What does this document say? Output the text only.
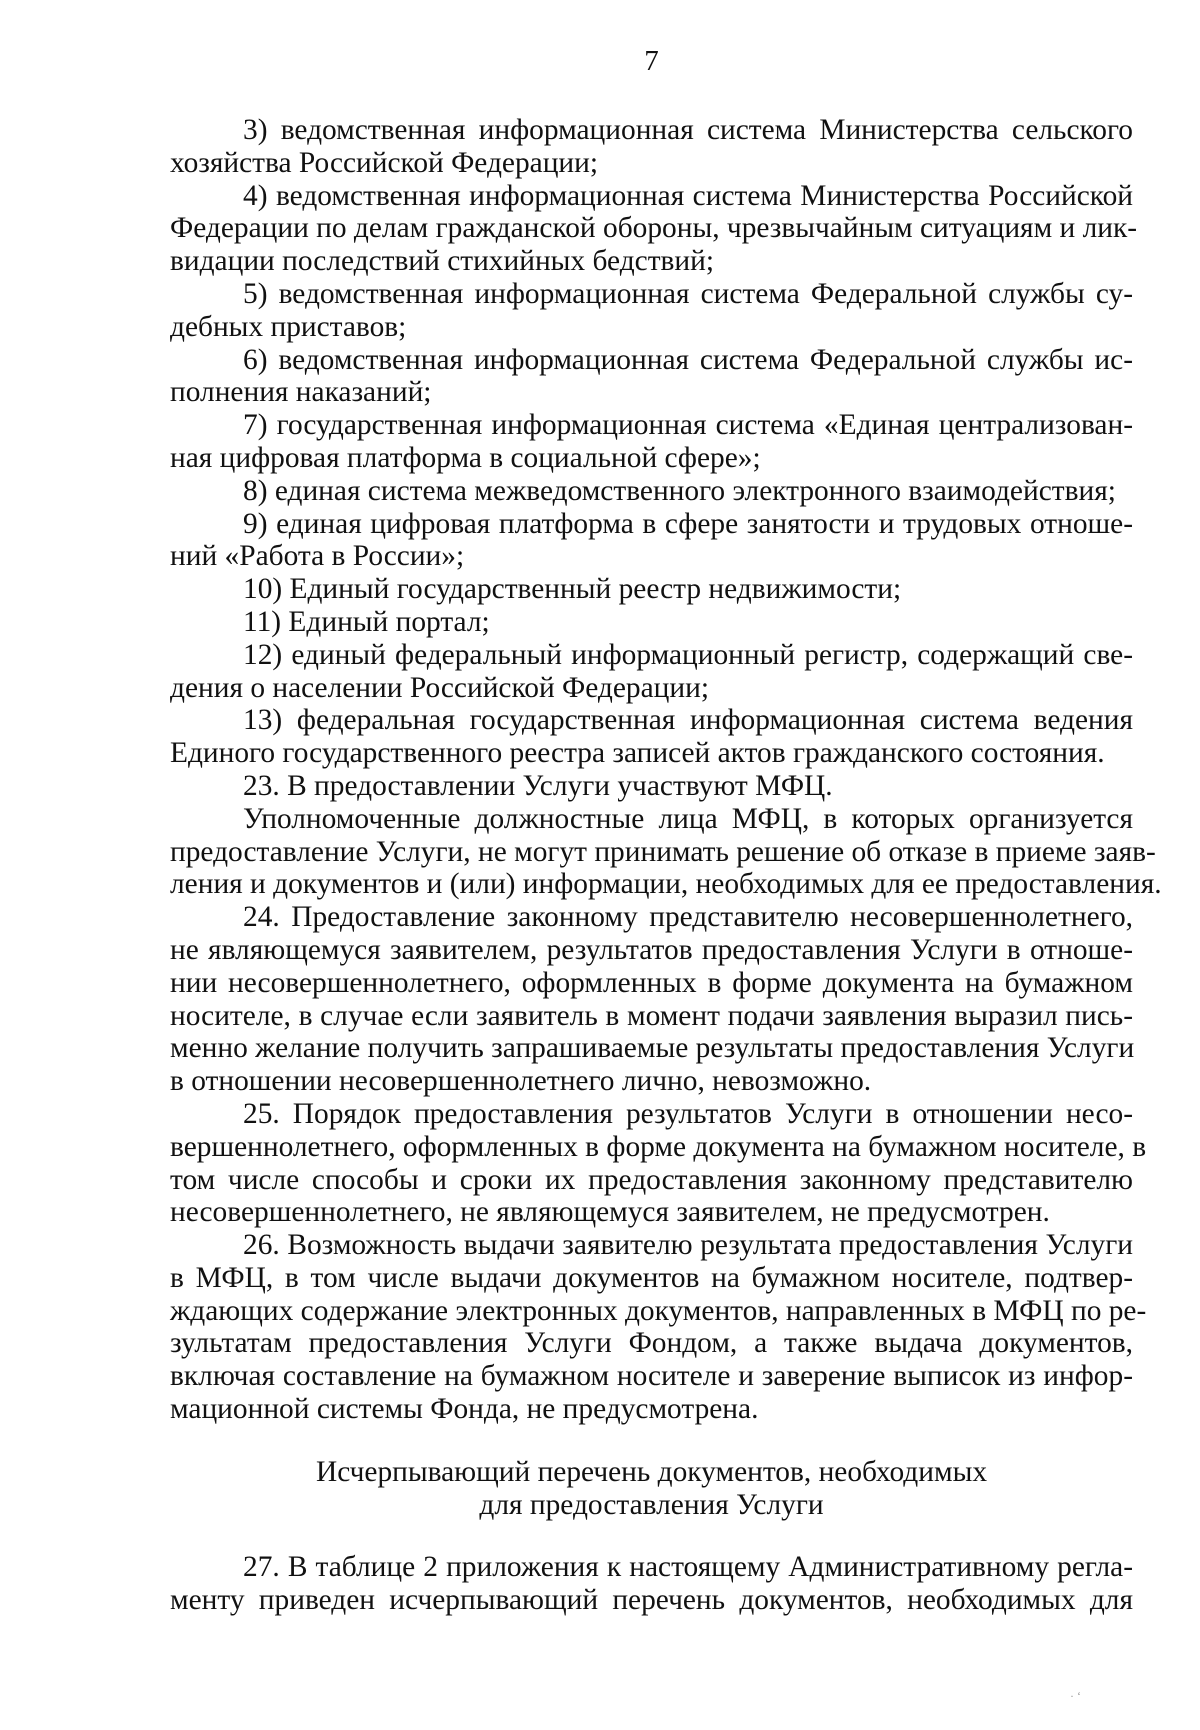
7

3) ведомственная информационная система Министерства сельского
хозяйства Российской Федерации;

4) ведомственная информационная система Министерства Российской
Федерации по делам гражданской обороны, чрезвычайным ситуациям и лик-
видации последствий стихийных бедствий;

5) ведомственная информационная система Федеральной службы су-
дебных приставов;

6) ведомственная информационная система Федеральной службы ис-
полнения наказаний;

7) государственная информационная система «Единая централизован-
ная цифровая платформа в социальной сфере»;

8) единая система межведомственного электронного взаимодействия;

9) единая цифровая платформа в сфере занятости и трудовых отноше-
ний «Работа в России»;

10) Единый государственный реестр недвижимости;

11) Единый портал;

12) единый федеральный информационный регистр, содержащий све-
дения о населении Российской Федерации;

13) федеральная государственная информационная система ведения
Единого государственного реестра записей актов гражданского состояния.

23. В предоставлении Услуги участвуют МФЦ.

Уполномоченные должностные лица МФЦ, в которых организуется
предоставление Услуги, не могут принимать решение об отказе в приеме заяв-
ления и документов и (или) информации, необходимых для ее предоставления.

24. Предоставление законному представителю несовершеннолетнего,
не являющемуся заявителем, результатов предоставления Услуги в отноше-
нии несовершеннолетнего, оформленных в форме документа на бумажном
носителе, в случае если заявитель в момент подачи заявления выразил пись-
менно желание получить запрашиваемые результаты предоставления Услуги
в отношении несовершеннолетнего лично, невозможно.

25. Порядок предоставления результатов Услуги в отношении несо-
вершеннолетнего, оформленных в форме документа на бумажном носителе, в
том числе способы и сроки их предоставления законному представителю
несовершеннолетнего, не являющемуся заявителем, не предусмотрен.

26. Возможность выдачи заявителю результата предоставления Услуги
в МФЦ, в том числе выдачи документов на бумажном носителе, подтвер-
ждающих содержание электронных документов, направленных в МФЦ по ре-
зультатам предоставления Услуги Фондом, а также выдача документов,
включая составление на бумажном носителе и заверение выписок из инфор-
мационной системы Фонда, не предусмотрена.

Исчерпывающий перечень документов, необходимых
для предоставления Услуги

27. В таблице 2 приложения к настоящему Административному регла-
менту приведен исчерпывающий перечень документов, необходимых для

· ‘
